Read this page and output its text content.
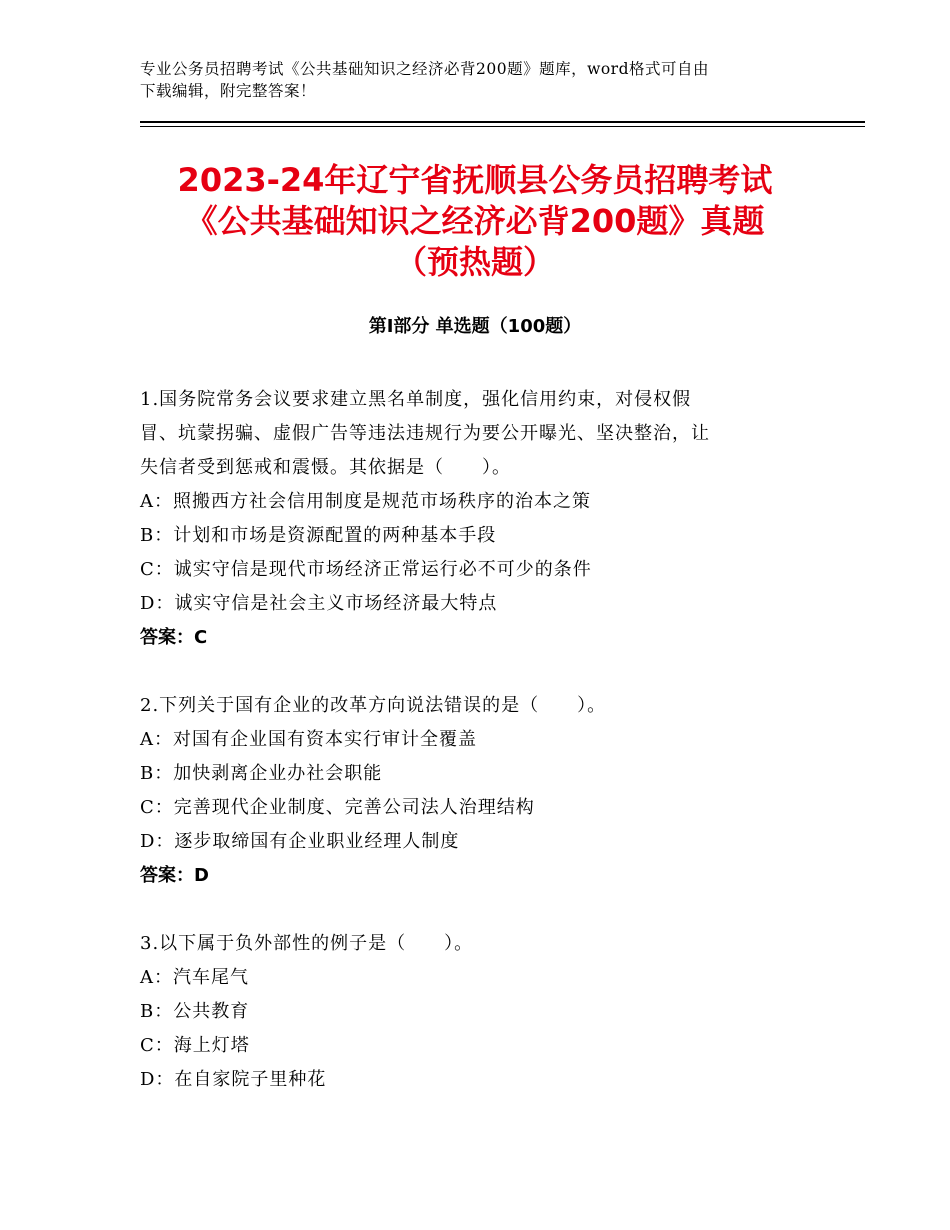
专业公务员招聘考试《公共基础知识之经济必背200题》题库，word格式可自由
下载编辑，附完整答案！
2023-24年辽宁省抚顺县公务员招聘考试
《公共基础知识之经济必背200题》真题
（预热题）
第Ⅰ部分 单选题（100题）
1.国务院常务会议要求建立黑名单制度，强化信用约束，对侵权假
冒、坑蒙拐骗、虚假广告等违法违规行为要公开曝光、坚决整治，让
失信者受到惩戒和震慑。其依据是（　　）。
A：照搬西方社会信用制度是规范市场秩序的治本之策
B：计划和市场是资源配置的两种基本手段
C：诚实守信是现代市场经济正常运行必不可少的条件
D：诚实守信是社会主义市场经济最大特点
答案：C
2.下列关于国有企业的改革方向说法错误的是（　　）。
A：对国有企业国有资本实行审计全覆盖
B：加快剥离企业办社会职能
C：完善现代企业制度、完善公司法人治理结构
D：逐步取缔国有企业职业经理人制度
答案：D
3.以下属于负外部性的例子是（　　）。
A：汽车尾气
B：公共教育
C：海上灯塔
D：在自家院子里种花
